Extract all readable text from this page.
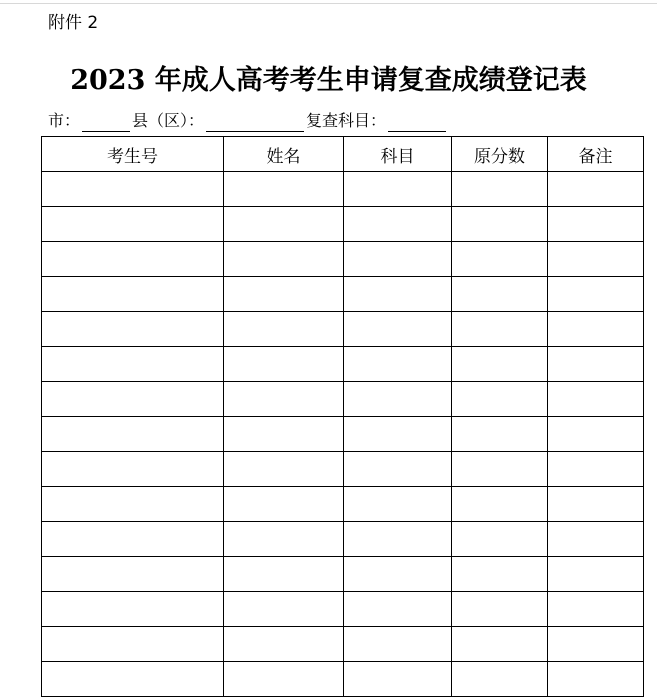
附件 2
2023 年成人高考考生申请复查成绩登记表
市：	县（区）：	复查科目：
考生号	姓名	科目	原分数	备注
